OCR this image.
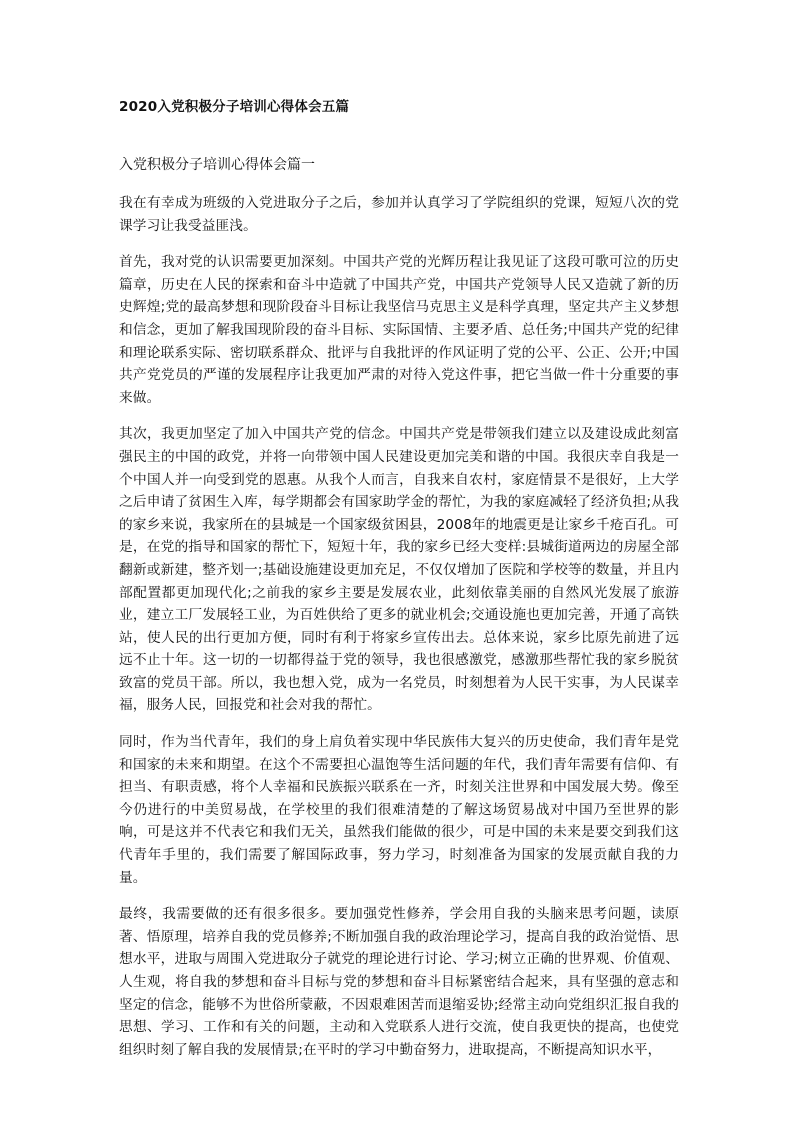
2020入党积极分子培训心得体会五篇
入党积极分子培训心得体会篇一

我在有幸成为班级的入党进取分子之后，参加并认真学习了学院组织的党课，短短八次的党课学习让我受益匪浅。

首先，我对党的认识需要更加深刻。中国共产党的光辉历程让我见证了这段可歌可泣的历史篇章，历史在人民的探索和奋斗中造就了中国共产党，中国共产党领导人民又造就了新的历史辉煌;党的最高梦想和现阶段奋斗目标让我坚信马克思主义是科学真理，坚定共产主义梦想和信念，更加了解我国现阶段的奋斗目标、实际国情、主要矛盾、总任务;中国共产党的纪律和理论联系实际、密切联系群众、批评与自我批评的作风证明了党的公平、公正、公开;中国共产党党员的严谨的发展程序让我更加严肃的对待入党这件事，把它当做一件十分重要的事来做。

其次，我更加坚定了加入中国共产党的信念。中国共产党是带领我们建立以及建设成此刻富强民主的中国的政党，并将一向带领中国人民建设更加完美和谐的中国。我很庆幸自我是一个中国人并一向受到党的恩惠。从我个人而言，自我来自农村，家庭情景不是很好，上大学之后申请了贫困生入库，每学期都会有国家助学金的帮忙，为我的家庭减轻了经济负担;从我的家乡来说，我家所在的县城是一个国家级贫困县，2008年的地震更是让家乡千疮百孔。可是，在党的指导和国家的帮忙下，短短十年，我的家乡已经大变样:县城街道两边的房屋全部翻新或新建，整齐划一;基础设施建设更加充足，不仅仅增加了医院和学校等的数量，并且内部配置都更加现代化;之前我的家乡主要是发展农业，此刻依靠美丽的自然风光发展了旅游业，建立工厂发展轻工业，为百姓供给了更多的就业机会;交通设施也更加完善，开通了高铁站，使人民的出行更加方便，同时有利于将家乡宣传出去。总体来说，家乡比原先前进了远远不止十年。这一切的一切都得益于党的领导，我也很感激党，感激那些帮忙我的家乡脱贫致富的党员干部。所以，我也想入党，成为一名党员，时刻想着为人民干实事，为人民谋幸福，服务人民，回报党和社会对我的帮忙。

同时，作为当代青年，我们的身上肩负着实现中华民族伟大复兴的历史使命，我们青年是党和国家的未来和期望。在这个不需要担心温饱等生活问题的年代，我们青年需要有信仰、有担当、有职责感，将个人幸福和民族振兴联系在一齐，时刻关注世界和中国发展大势。像至今仍进行的中美贸易战，在学校里的我们很难清楚的了解这场贸易战对中国乃至世界的影响，可是这并不代表它和我们无关，虽然我们能做的很少，可是中国的未来是要交到我们这代青年手里的，我们需要了解国际政事，努力学习，时刻准备为国家的发展贡献自我的力量。

最终，我需要做的还有很多很多。要加强党性修养，学会用自我的头脑来思考问题，读原著、悟原理，培养自我的党员修养;不断加强自我的政治理论学习，提高自我的政治觉悟、思想水平，进取与周围入党进取分子就党的理论进行讨论、学习;树立正确的世界观、价值观、人生观，将自我的梦想和奋斗目标与党的梦想和奋斗目标紧密结合起来，具有坚强的意志和坚定的信念，能够不为世俗所蒙蔽，不因艰难困苦而退缩妥协;经常主动向党组织汇报自我的思想、学习、工作和有关的问题，主动和入党联系人进行交流，使自我更快的提高，也使党组织时刻了解自我的发展情景;在平时的学习中勤奋努力，进取提高，不断提高知识水平，
